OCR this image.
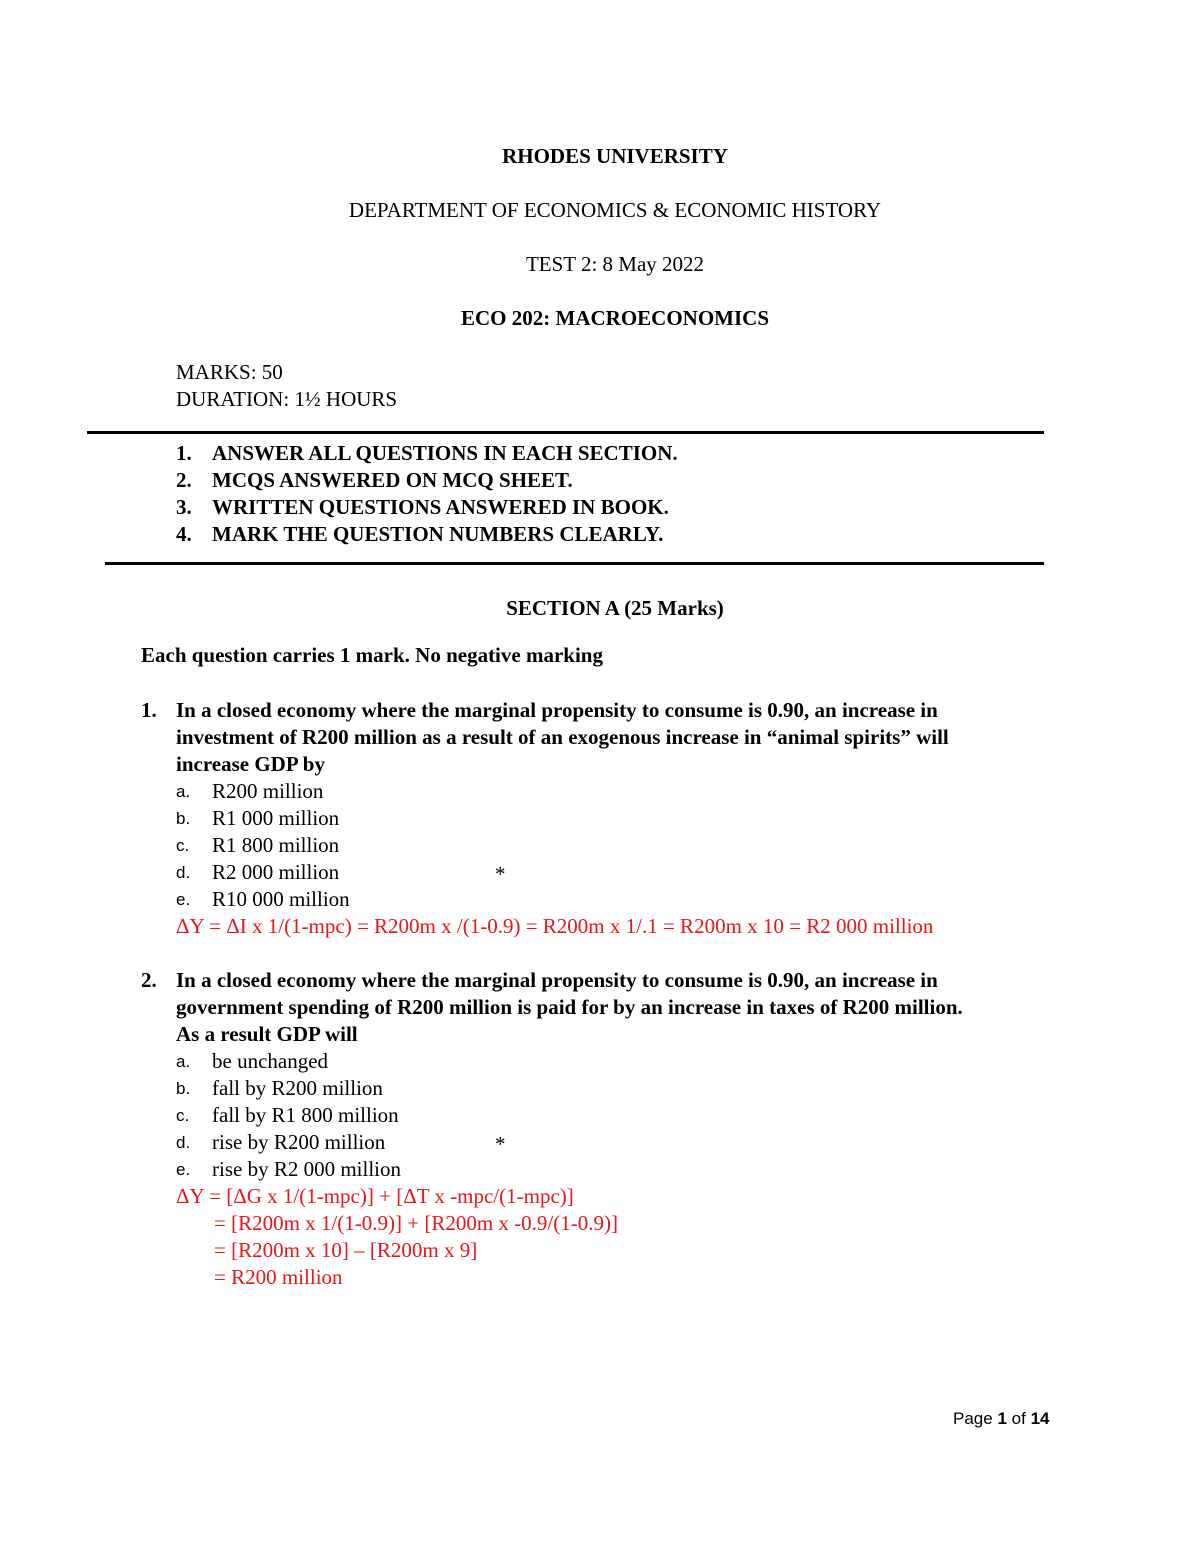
RHODES UNIVERSITY
DEPARTMENT OF ECONOMICS & ECONOMIC HISTORY
TEST 2: 8 May 2022
ECO 202: MACROECONOMICS
MARKS: 50
DURATION: 1½ HOURS
1. ANSWER ALL QUESTIONS IN EACH SECTION.
2. MCQS ANSWERED ON MCQ SHEET.
3. WRITTEN QUESTIONS ANSWERED IN BOOK.
4. MARK THE QUESTION NUMBERS CLEARLY.
SECTION A (25 Marks)
Each question carries 1 mark. No negative marking
1. In a closed economy where the marginal propensity to consume is 0.90, an increase in
investment of R200 million as a result of an exogenous increase in “animal spirits” will
increase GDP by
a. R200 million
b. R1 000 million
c. R1 800 million
d. R2 000 million	*
e. R10 000 million
ΔY = ΔI x 1/(1-mpc) = R200m x /(1-0.9) = R200m x 1/.1 = R200m x 10 = R2 000 million
2. In a closed economy where the marginal propensity to consume is 0.90, an increase in
government spending of R200 million is paid for by an increase in taxes of R200 million.
As a result GDP will
a. be unchanged
b. fall by R200 million
c. fall by R1 800 million
d. rise by R200 million	*
e. rise by R2 000 million
ΔY = [ΔG x 1/(1-mpc)] + [ΔT x -mpc/(1-mpc)]
= [R200m x 1/(1-0.9)] + [R200m x -0.9/(1-0.9)]
= [R200m x 10] – [R200m x 9]
= R200 million
Page 1 of 14
